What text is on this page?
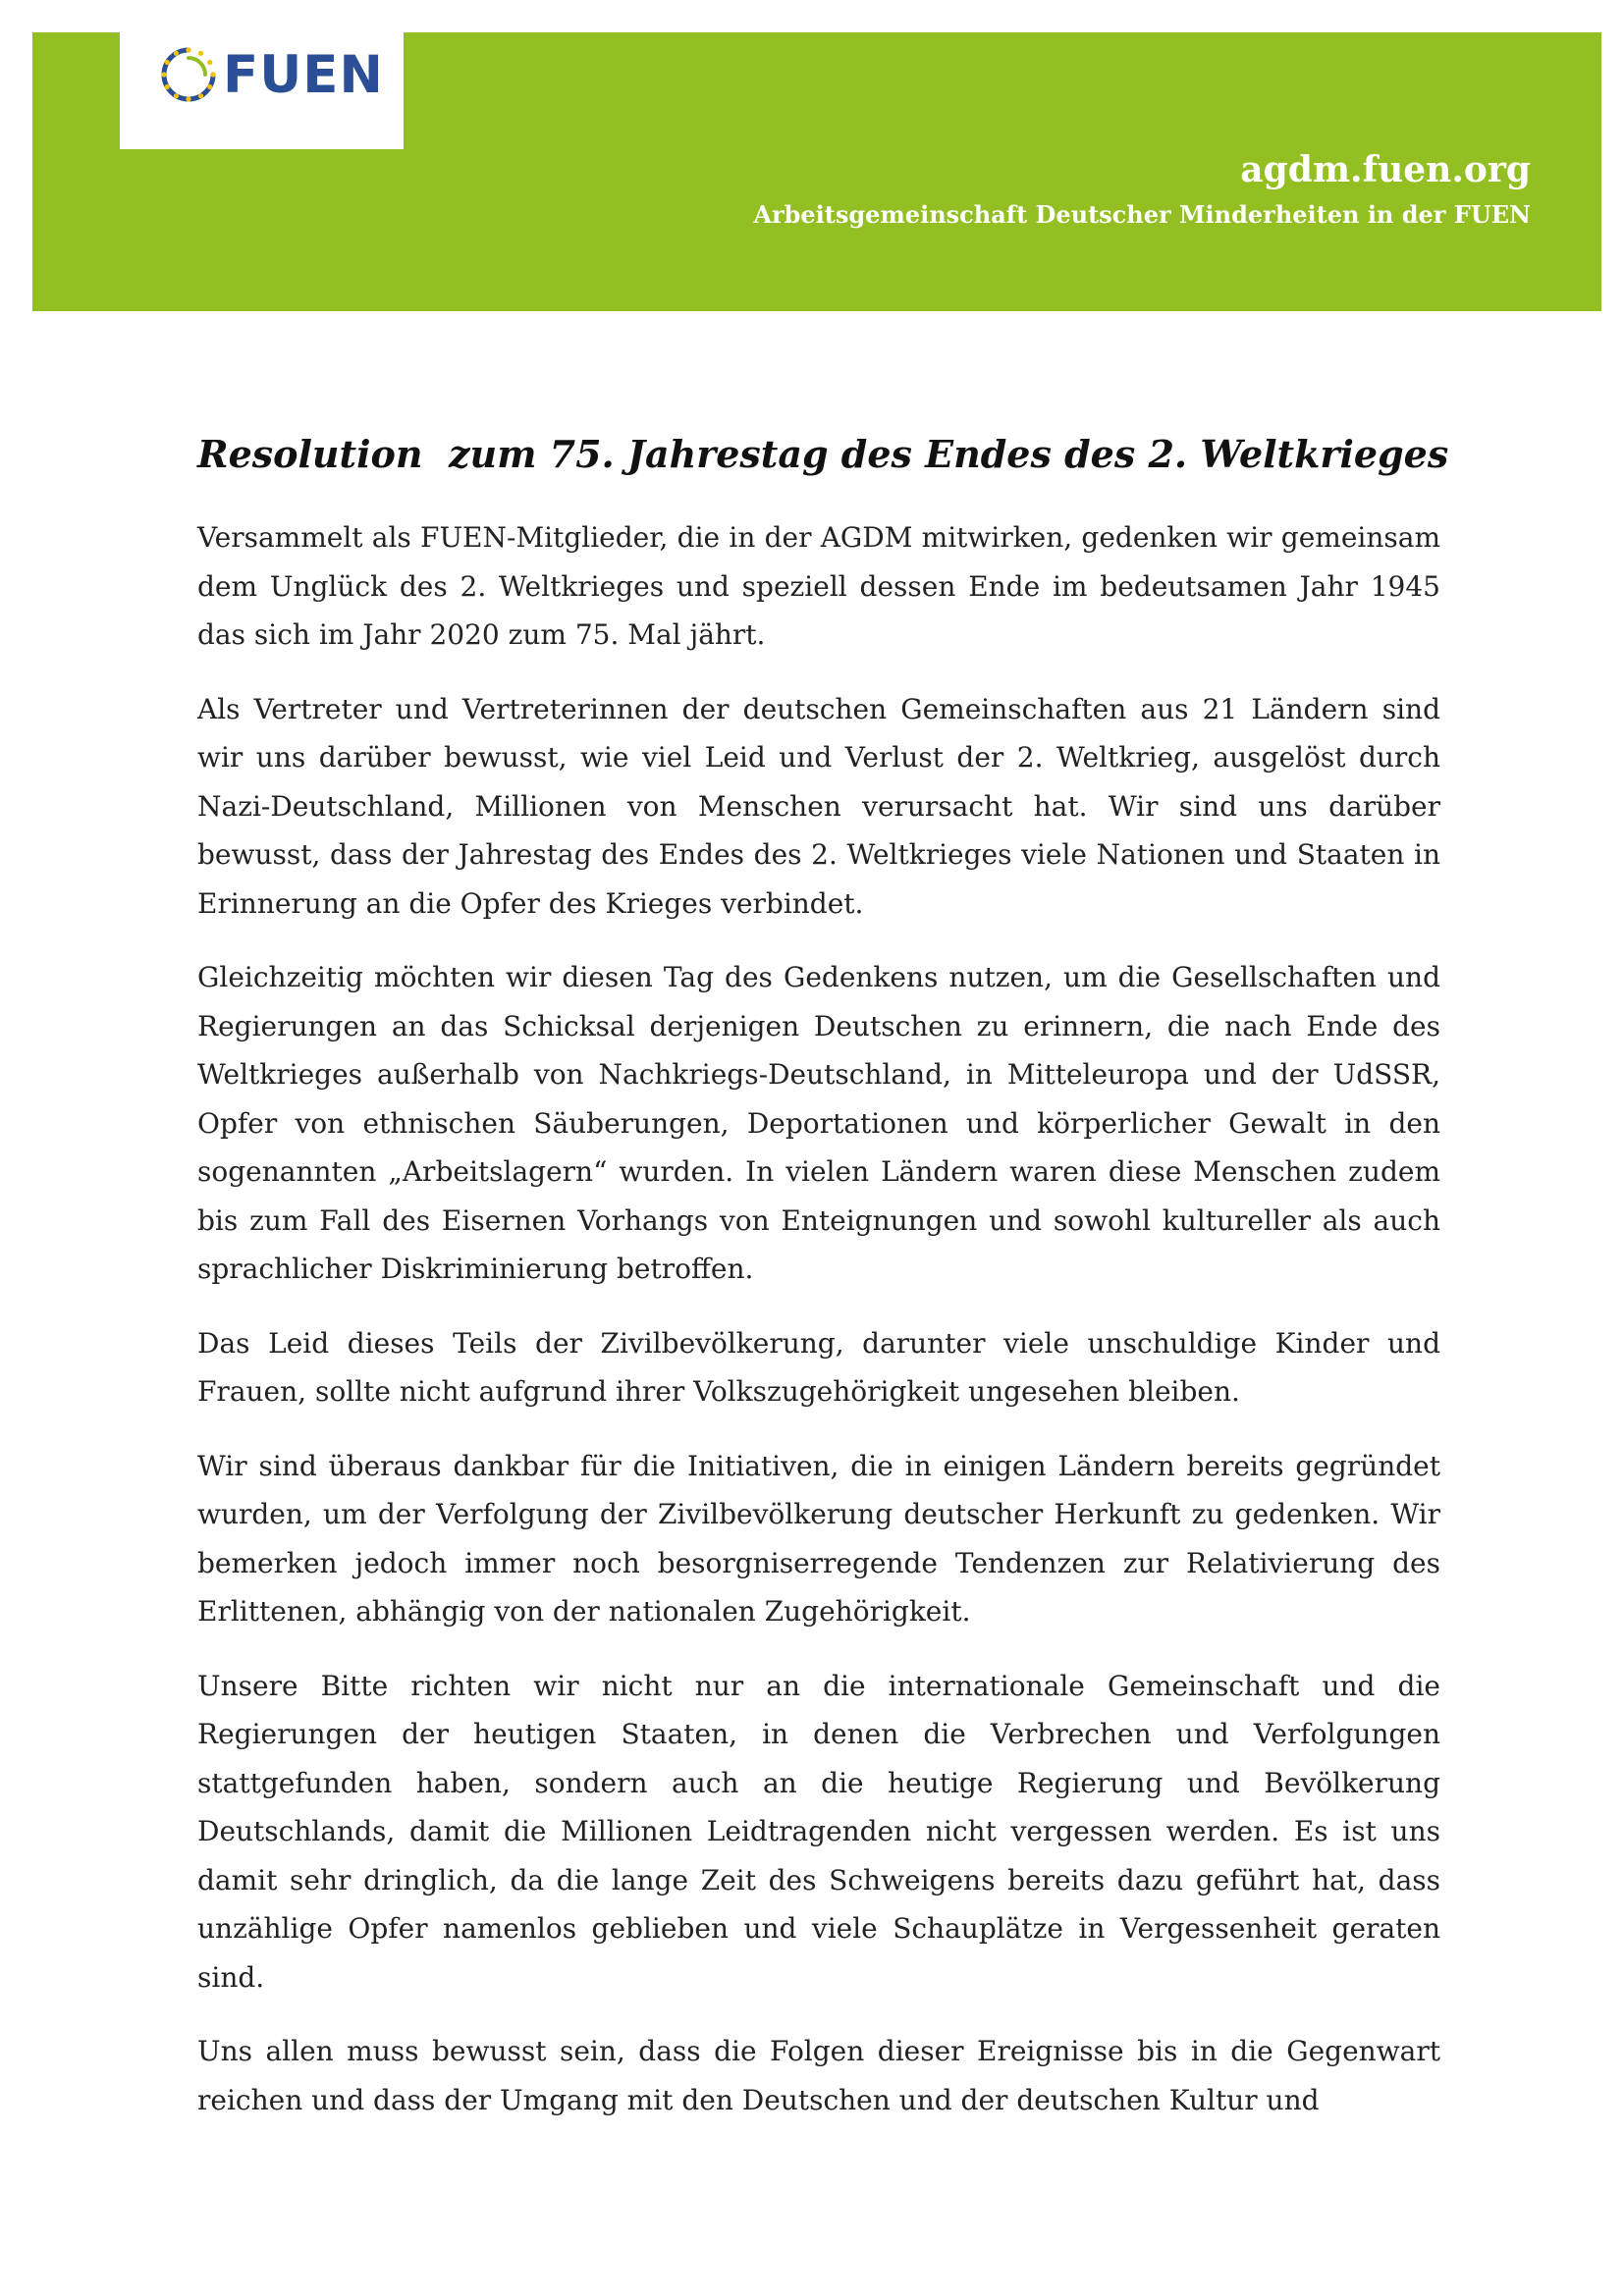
FUEN
agdm.fuen.org
Arbeitsgemeinschaft Deutscher Minderheiten in der FUEN
Resolution  zum 75. Jahrestag des Endes des 2. Weltkrieges

Versammelt als FUEN-Mitglieder, die in der AGDM mitwirken, gedenken wir gemeinsam dem Unglück des 2. Weltkrieges und speziell dessen Ende im bedeutsamen Jahr 1945 das sich im Jahr 2020 zum 75. Mal jährt.

Als Vertreter und Vertreterinnen der deutschen Gemeinschaften aus 21 Ländern sind wir uns darüber bewusst, wie viel Leid und Verlust der 2. Weltkrieg, ausgelöst durch Nazi-Deutschland, Millionen von Menschen verursacht hat. Wir sind uns darüber bewusst, dass der Jahrestag des Endes des 2. Weltkrieges viele Nationen und Staaten in Erinnerung an die Opfer des Krieges verbindet.

Gleichzeitig möchten wir diesen Tag des Gedenkens nutzen, um die Gesellschaften und Regierungen an das Schicksal derjenigen Deutschen zu erinnern, die nach Ende des Weltkrieges außerhalb von Nachkriegs-Deutschland, in Mitteleuropa und der UdSSR, Opfer von ethnischen Säuberungen, Deportationen und körperlicher Gewalt in den sogenannten „Arbeitslagern“ wurden. In vielen Ländern waren diese Menschen zudem bis zum Fall des Eisernen Vorhangs von Enteignungen und sowohl kultureller als auch sprachlicher Diskriminierung betroffen.

Das Leid dieses Teils der Zivilbevölkerung, darunter viele unschuldige Kinder und Frauen, sollte nicht aufgrund ihrer Volkszugehörigkeit ungesehen bleiben.

Wir sind überaus dankbar für die Initiativen, die in einigen Ländern bereits gegründet wurden, um der Verfolgung der Zivilbevölkerung deutscher Herkunft zu gedenken. Wir bemerken jedoch immer noch besorgniserregende Tendenzen zur Relativierung des Erlittenen, abhängig von der nationalen Zugehörigkeit.

Unsere Bitte richten wir nicht nur an die internationale Gemeinschaft und die Regierungen der heutigen Staaten, in denen die Verbrechen und Verfolgungen stattgefunden haben, sondern auch an die heutige Regierung und Bevölkerung Deutschlands, damit die Millionen Leidtragenden nicht vergessen werden. Es ist uns damit sehr dringlich, da die lange Zeit des Schweigens bereits dazu geführt hat, dass unzählige Opfer namenlos geblieben und viele Schauplätze in Vergessenheit geraten sind.

Uns allen muss bewusst sein, dass die Folgen dieser Ereignisse bis in die Gegenwart reichen und dass der Umgang mit den Deutschen und der deutschen Kultur und
